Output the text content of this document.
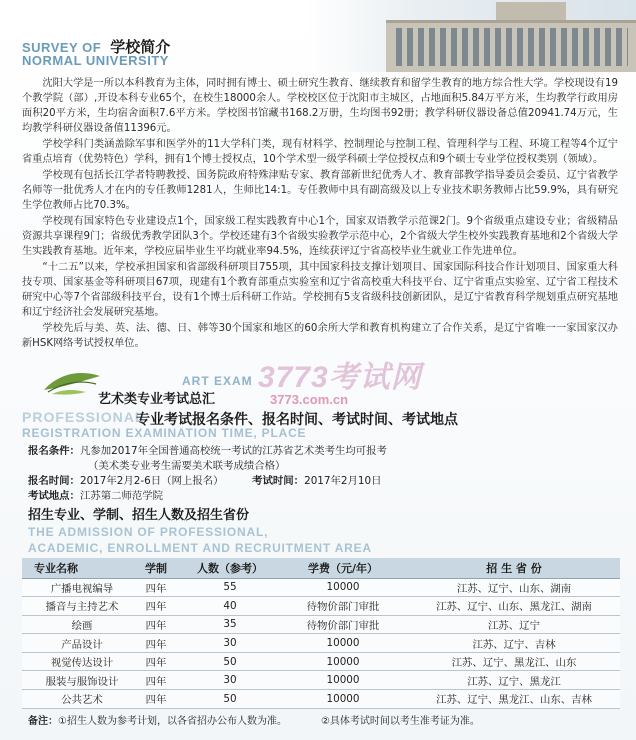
SURVEY OF 学校简介
NORMAL UNIVERSITY

沈阳大学是一所以本科教育为主体，同时拥有博士、硕士研究生教育、继续教育和留学生教育的地方综合性大学。学校现设有19个教学院（部）,开设本科专业65个，在校生18000余人。学校校区位于沈阳市主城区，占地面积5.84万平方米，生均教学行政用房面积20平方米，生均宿舍面积7.6平方米。学校图书馆藏书168.2万册，生均图书92册；教学科研仪器设备总值20941.74万元，生均教学科研仪器设备值11396元。

学校学科门类涵盖除军事和医学外的11大学科门类，现有材料学、控制理论与控制工程、管理科学与工程、环境工程等4个辽宁省重点培育（优势特色）学科，拥有1个博士授权点，10个学术型一级学科硕士学位授权点和9个硕士专业学位授权类别（领域）。

学校现有包括长江学者特聘教授、国务院政府特殊津贴专家、教育部新世纪优秀人才、教育部教学指导委员会委员、辽宁省教学名师等一批优秀人才在内的专任教师1281人，生师比14:1。专任教师中具有副高级及以上专业技术职务教师占比59.9%，具有研究生学位教师占比70.3%。

学校现有国家特色专业建设点1个，国家级工程实践教育中心1个，国家双语教学示范课2门。9个省级重点建设专业；省级精品资源共享课程9门；省级优秀教学团队3个。学校还建有3个省级实验教学示范中心，2个省级大学生校外实践教育基地和2个省级大学生实践教育基地。近年来，学校应届毕业生平均就业率94.5%，连续获评辽宁省高校毕业生就业工作先进单位。

“十二五”以来，学校承担国家和省部级科研项目755项，其中国家科技支撑计划项目、国家国际科技合作计划项目、国家重大科技专项、国家基金等科研项目67项，现建有1个教育部重点实验室和辽宁省高校重大科技平台、辽宁省重点实验室、辽宁省工程技术研究中心等7个省部级科技平台，设有1个博士后科研工作站。学校拥有5支省级科技创新团队，是辽宁省教育科学规划重点研究基地和辽宁经济社会发展研究基地。

学校先后与美、英、法、德、日、韩等30个国家和地区的60余所大学和教育机构建立了合作关系，是辽宁省唯一一家国家汉办新HSK网络考试授权单位。

3773考试网
3773.com.cn
ART EXAM
艺术类专业考试总汇
PROFESSIONAL
专业考试报名条件、报名时间、考试时间、考试地点
REGISTRATION EXAMINATION TIME, PLACE
报名条件：凡参加2017年全国普通高校统一考试的江苏省艺术类考生均可报考
（美术类专业考生需要美术联考成绩合格）
报名时间：2017年2月2-6日（网上报名）	考试时间：2017年2月10日
考试地点：江苏第二师范学院
招生专业、学制、招生人数及招生省份
THE ADMISSION OF PROFESSIONAL,
ACADEMIC, ENROLLMENT AND RECRUITMENT AREA
专业名称	学制	人数（参考）	学费（元/年）	招 生 省 份
广播电视编导	四年	55	10000	江苏、辽宁、山东、湖南
播音与主持艺术	四年	40	待物价部门审批	江苏、辽宁、山东、黑龙江、湖南
绘画	四年	35	待物价部门审批	江苏、辽宁
产品设计	四年	30	10000	江苏、辽宁、吉林
视觉传达设计	四年	50	10000	江苏、辽宁、黑龙江、山东
服装与服饰设计	四年	30	10000	江苏、辽宁、黑龙江
公共艺术	四年	50	10000	江苏、辽宁、黑龙江、山东、吉林
备注：①招生人数为参考计划，以各省招办公布人数为准。	②具体考试时间以考生准考证为准。
